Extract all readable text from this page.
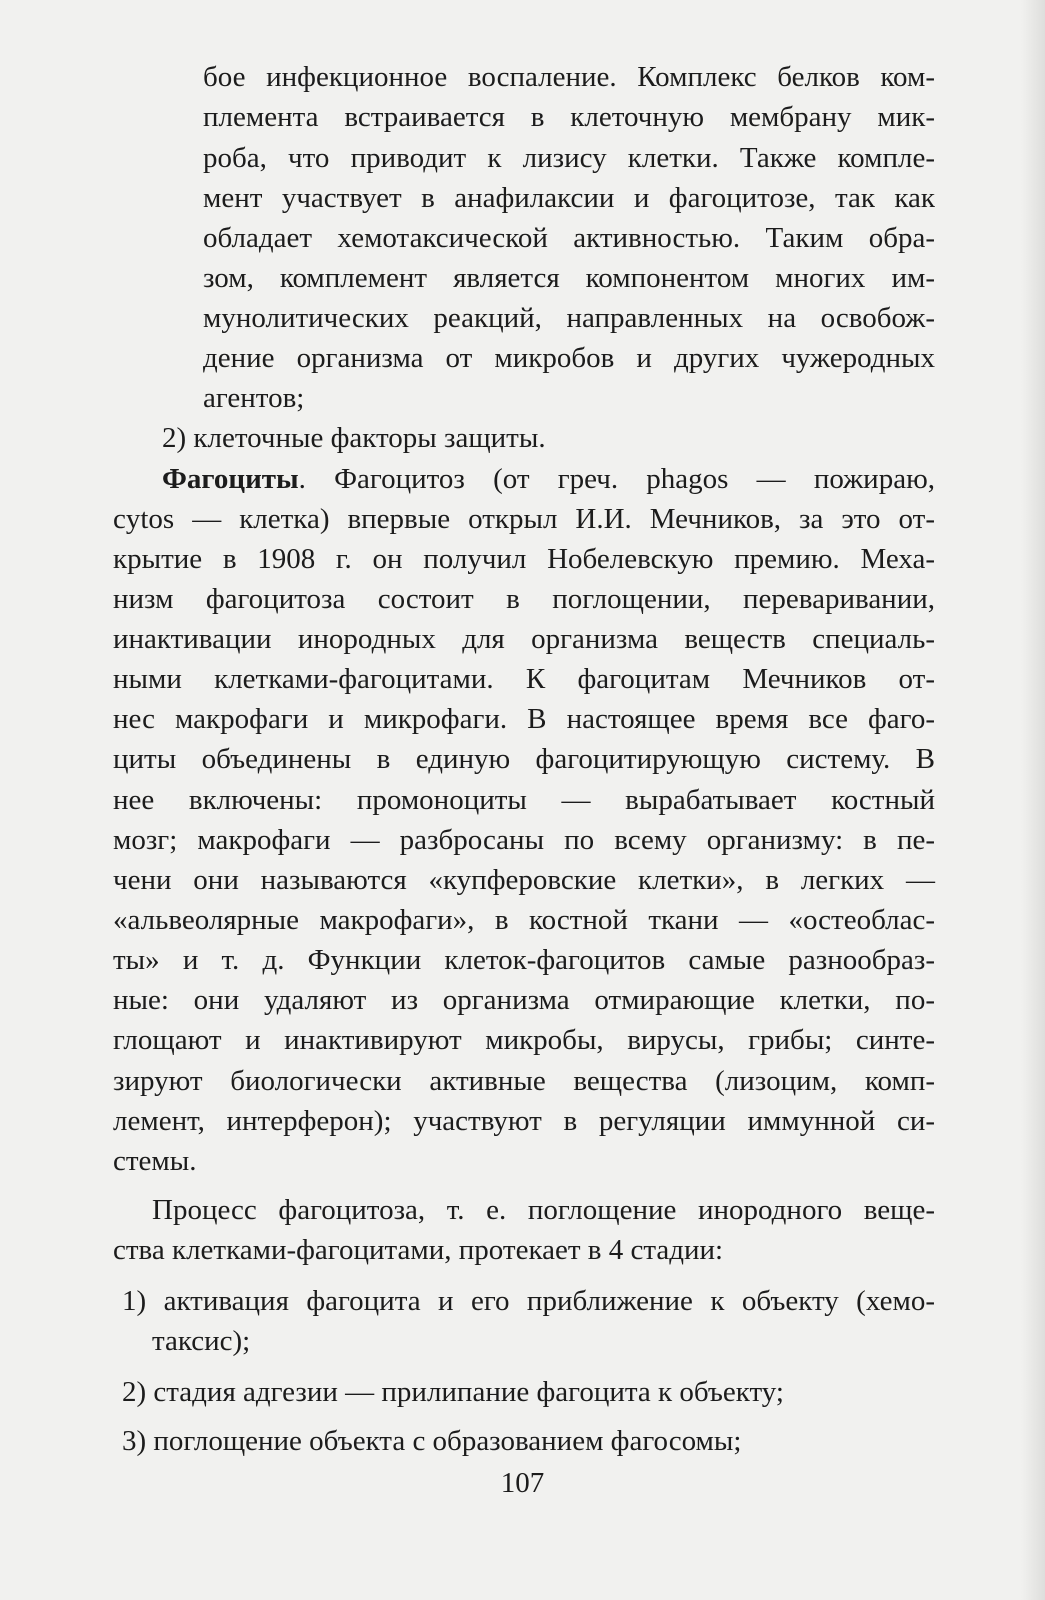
бое инфекционное воспаление. Комплекс белков ком-
племента встраивается в клеточную мембрану мик-
роба, что приводит к лизису клетки. Также компле-
мент участвует в анафилаксии и фагоцитозе, так как
обладает хемотаксической активностью. Таким обра-
зом, комплемент является компонентом многих им-
мунолитических реакций, направленных на освобож-
дение организма от микробов и других чужеродных
агентов;
2) клеточные факторы защиты.
Фагоциты. Фагоцитоз (от греч. phagos — пожираю,
cytos — клетка) впервые открыл И.И. Мечников, за это от-
крытие в 1908 г. он получил Нобелевскую премию. Меха-
низм фагоцитоза состоит в поглощении, переваривании,
инактивации инородных для организма веществ специаль-
ными клетками-фагоцитами. К фагоцитам Мечников от-
нес макрофаги и микрофаги. В настоящее время все фаго-
циты объединены в единую фагоцитирующую систему. В
нее включены: промоноциты — вырабатывает костный
мозг; макрофаги — разбросаны по всему организму: в пе-
чени они называются «купферовские клетки», в легких —
«альвеолярные макрофаги», в костной ткани — «остеоблас-
ты» и т. д. Функции клеток-фагоцитов самые разнообраз-
ные: они удаляют из организма отмирающие клетки, по-
глощают и инактивируют микробы, вирусы, грибы; синте-
зируют биологически активные вещества (лизоцим, комп-
лемент, интерферон); участвуют в регуляции иммунной си-
стемы.
Процесс фагоцитоза, т. е. поглощение инородного веще-
ства клетками-фагоцитами, протекает в 4 стадии:
1) активация фагоцита и его приближение к объекту (хемо-
таксис);
2) стадия адгезии — прилипание фагоцита к объекту;
3) поглощение объекта с образованием фагосомы;
107
